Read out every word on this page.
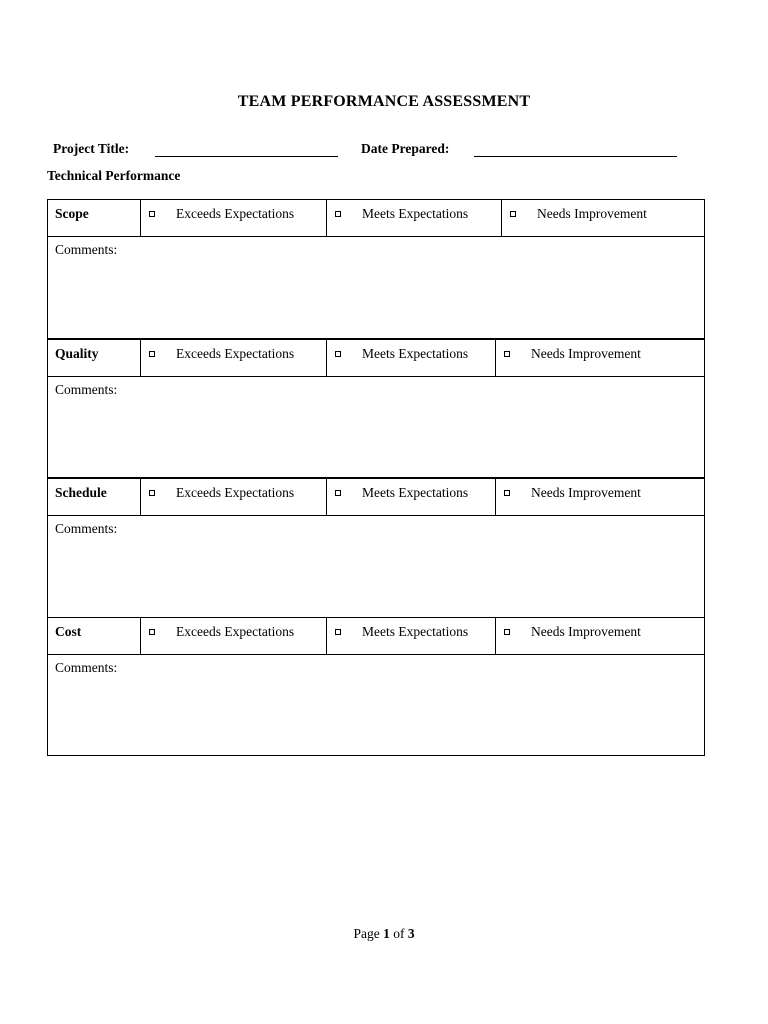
TEAM PERFORMANCE ASSESSMENT
Project Title:	Date Prepared:
Technical Performance
Scope	Exceeds Expectations	Meets Expectations	Needs Improvement
Comments:
Quality	Exceeds Expectations	Meets Expectations	Needs Improvement
Comments:
Schedule	Exceeds Expectations	Meets Expectations	Needs Improvement
Comments:
Cost	Exceeds Expectations	Meets Expectations	Needs Improvement
Comments:
Page 1 of 3
